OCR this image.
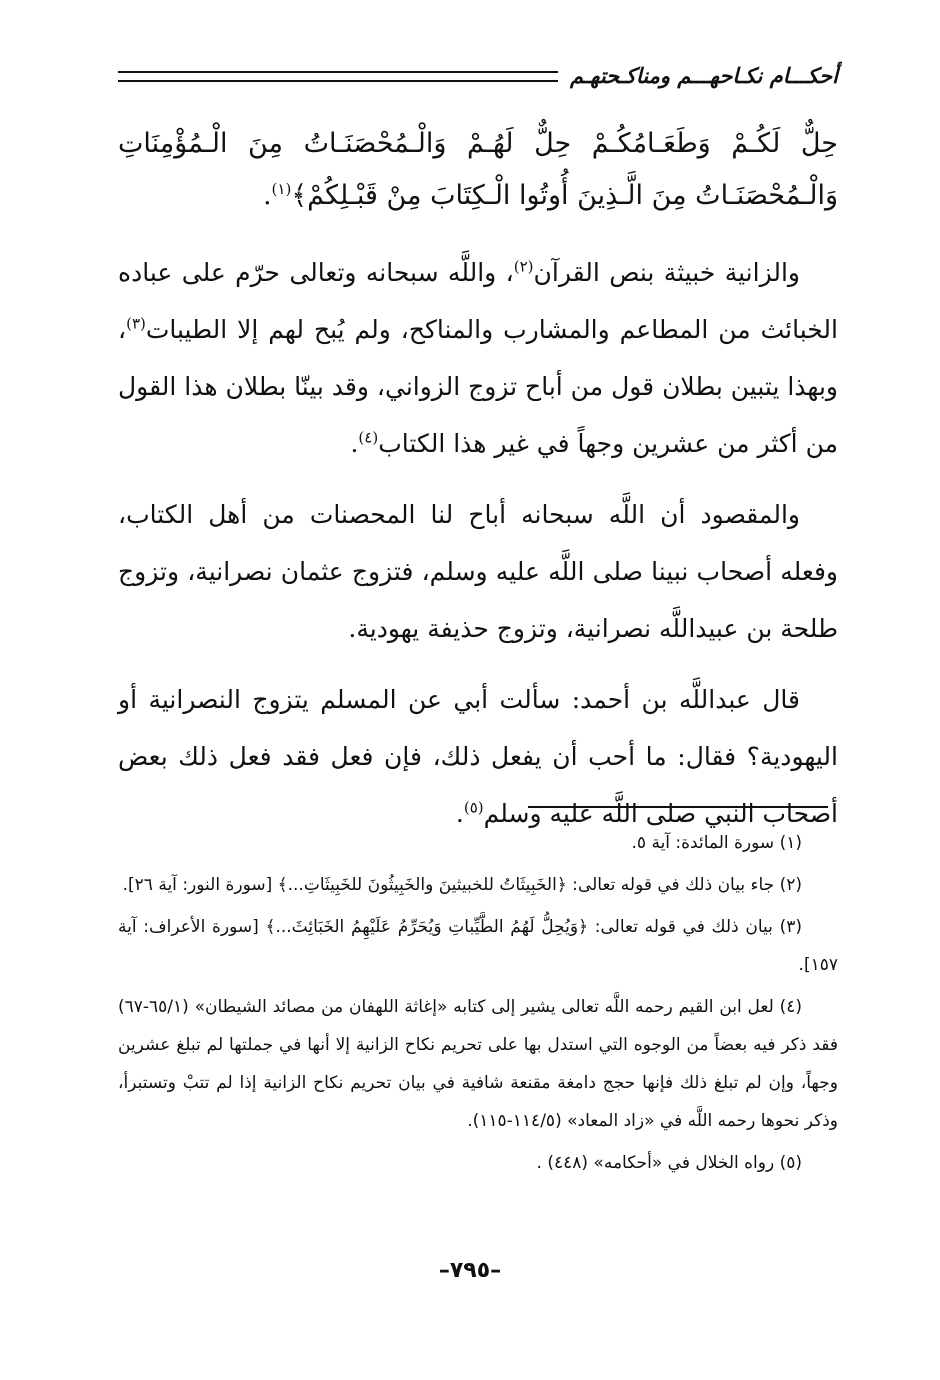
أحكـــام نكـاحهـــم ومناكـحتهـم

حِلٌّ لَكُـمْ وَطَعَـامُكُـمْ حِلٌّ لَهُـمْ وَالْـمُحْصَنَـاتُ مِنَ الْـمُؤْمِنَاتِ وَالْـمُحْصَنَـاتُ مِنَ الَّـذِينَ أُوتُوا الْـكِتَابَ مِنْ قَبْـلِكُمْ﴾$^{(١)}$.

والزانية خبيثة بنص القرآن$^{(٢)}$، واللَّه سبحانه وتعالى حرّم على عباده الخبائث من المطاعم والمشارب والمناكح، ولم يُبح لهم إلا الطيبات$^{(٣)}$، وبهذا يتبين بطلان قول من أباح تزوج الزواني، وقد بينّا بطلان هذا القول من أكثر من عشرين وجهاً في غير هذا الكتاب$^{(٤)}$.

والمقصود أن اللَّه سبحانه أباح لنا المحصنات من أهل الكتاب، وفعله أصحاب نبينا صلى اللَّه عليه وسلم، فتزوج عثمان نصرانية، وتزوج طلحة بن عبيداللَّه نصرانية، وتزوج حذيفة يهودية.

قال عبداللَّه بن أحمد: سألت أبي عن المسلم يتزوج النصرانية أو اليهودية؟ فقال: ما أحب أن يفعل ذلك، فإن فعل فقد فعل ذلك بعض أصحاب النبي صلى اللَّه عليه وسلم$^{(٥)}$.

(١) سورة المائدة: آية ٥.

(٢) جاء بيان ذلك في قوله تعالى: ﴿الخَبِيثَاتُ للخبيثينَ والخَبِيثُونَ للخَبِيثَاتِ...﴾ [سورة النور: آية ٢٦].

(٣) بيان ذلك في قوله تعالى: ﴿وَيُحِلُّ لَهُمُ الطَّيِّباتِ وَيُحَرِّمُ عَلَيْهِمُ الخَبَائِثَ...﴾ [سورة الأعراف: آية ١٥٧].

(٤) لعل ابن القيم رحمه اللَّه تعالى يشير إلى كتابه «إغاثة اللهفان من مصائد الشيطان» (٦٥/١-٦٧) فقد ذكر فيه بعضاً من الوجوه التي استدل بها على تحريم نكاح الزانية إلا أنها في جملتها لم تبلغ عشرين وجهاً، وإن لم تبلغ ذلك فإنها حجج دامغة مقنعة شافية في بيان تحريم نكاح الزانية إذا لم تتبْ وتستبرأ، وذكر نحوها رحمه اللَّه في «زاد المعاد» (١١٤/٥-١١٥).

(٥) رواه الخلال في «أحكامه» (٤٤٨) .

–٧٩٥–
